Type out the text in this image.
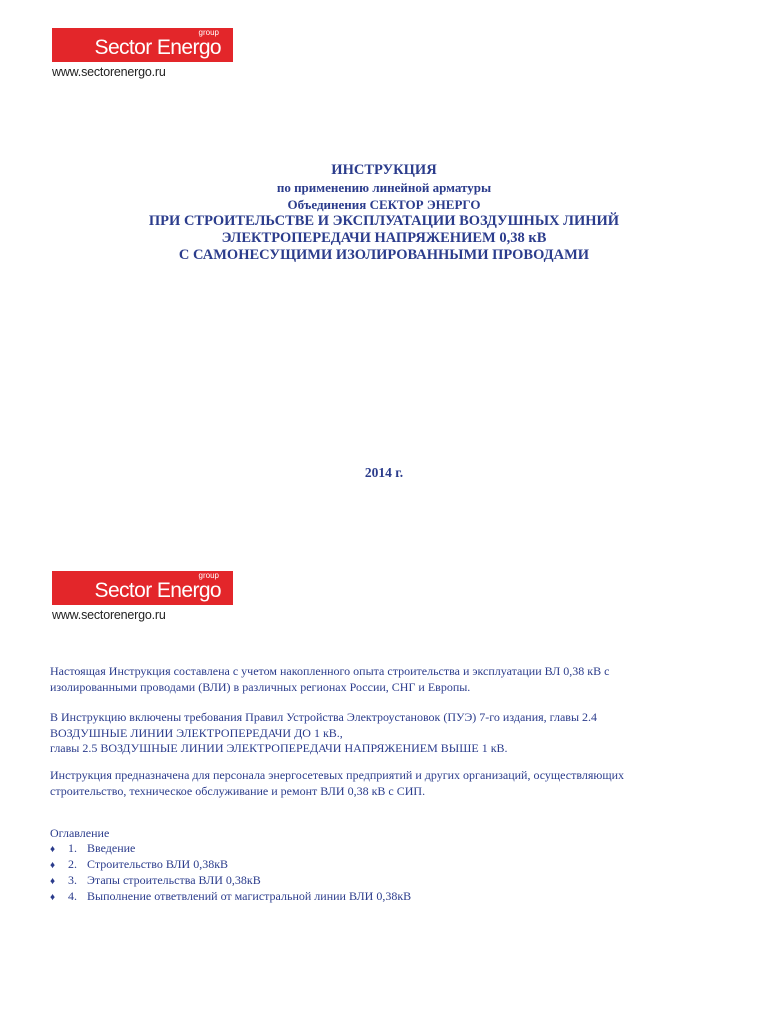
group
Sector Energo
www.sectorenergo.ru
ИНСТРУКЦИЯ
по применению линейной арматуры
Объединения СЕКТОР ЭНЕРГО
ПРИ СТРОИТЕЛЬСТВЕ И ЭКСПЛУАТАЦИИ ВОЗДУШНЫХ ЛИНИЙ
ЭЛЕКТРОПЕРЕДАЧИ НАПРЯЖЕНИЕМ 0,38 кВ
С САМОНЕСУЩИМИ ИЗОЛИРОВАННЫМИ ПРОВОДАМИ
2014 г.
group
Sector Energo
www.sectorenergo.ru
Настоящая Инструкция составлена с учетом накопленного опыта строительства и эксплуатации ВЛ 0,38 кВ с
изолированными проводами (ВЛИ) в различных регионах России, СНГ и Европы.
В Инструкцию включены требования Правил Устройства Электроустановок (ПУЭ) 7-го издания, главы 2.4
ВОЗДУШНЫЕ ЛИНИИ ЭЛЕКТРОПЕРЕДАЧИ ДО 1 кВ.,
главы 2.5 ВОЗДУШНЫЕ ЛИНИИ ЭЛЕКТРОПЕРЕДАЧИ НАПРЯЖЕНИЕМ ВЫШЕ 1 кВ.
Инструкция предназначена для персонала энергосетевых предприятий и других организаций, осуществляющих
строительство, техническое обслуживание и ремонт ВЛИ 0,38 кВ с СИП.
Оглавление
♦	1. Введение
♦	2. Строительство ВЛИ 0,38кВ
♦	3. Этапы строительства ВЛИ 0,38кВ
♦	4. Выполнение ответвлений от магистральной линии ВЛИ 0,38кВ
